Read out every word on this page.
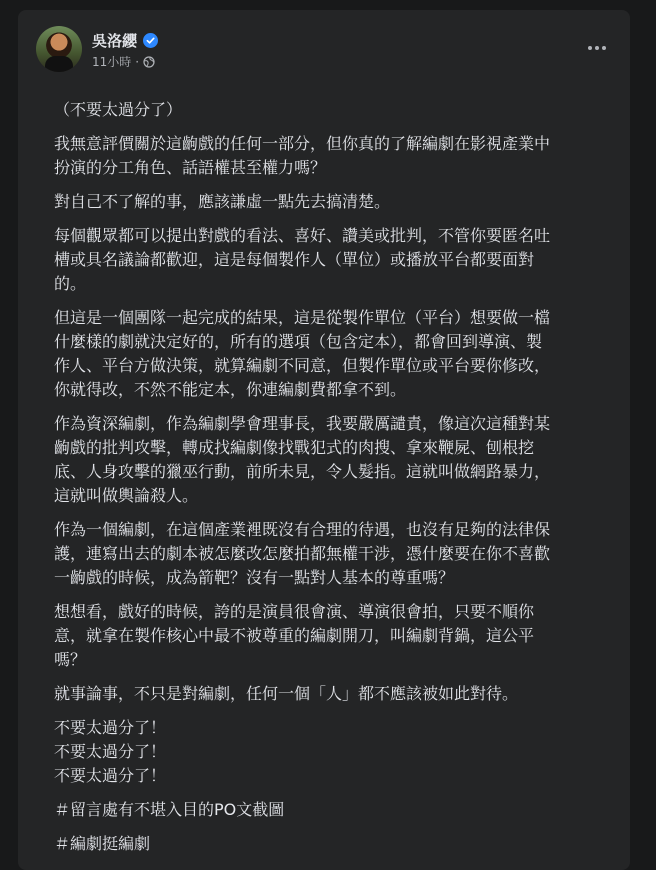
吳洛纓
11小時 ·

（不要太過分了）

我無意評價關於這齣戲的任何一部分，但你真的了解編劇在影視產業中
扮演的分工角色、話語權甚至權力嗎？

對自己不了解的事，應該謙虛一點先去搞清楚。

每個觀眾都可以提出對戲的看法、喜好、讚美或批判，不管你要匿名吐
槽或具名議論都歡迎，這是每個製作人（單位）或播放平台都要面對
的。

但這是一個團隊一起完成的結果，這是從製作單位（平台）想要做一檔
什麼樣的劇就決定好的，所有的選項（包含定本），都會回到導演、製
作人、平台方做決策，就算編劇不同意，但製作單位或平台要你修改，
你就得改，不然不能定本，你連編劇費都拿不到。

作為資深編劇，作為編劇學會理事長，我要嚴厲譴責，像這次這種對某
齣戲的批判攻擊，轉成找編劇像找戰犯式的肉搜、拿來鞭屍、刨根挖
底、人身攻擊的獵巫行動，前所未見，令人髮指。這就叫做網路暴力，
這就叫做輿論殺人。

作為一個編劇，在這個產業裡既沒有合理的待遇，也沒有足夠的法律保
護，連寫出去的劇本被怎麼改怎麼拍都無權干涉，憑什麼要在你不喜歡
一齣戲的時候，成為箭靶？沒有一點對人基本的尊重嗎？

想想看，戲好的時候，誇的是演員很會演、導演很會拍，只要不順你
意，就拿在製作核心中最不被尊重的編劇開刀，叫編劇背鍋，這公平
嗎？

就事論事，不只是對編劇，任何一個「人」都不應該被如此對待。

不要太過分了！
不要太過分了！
不要太過分了！

＃留言處有不堪入目的PO文截圖

＃編劇挺編劇
